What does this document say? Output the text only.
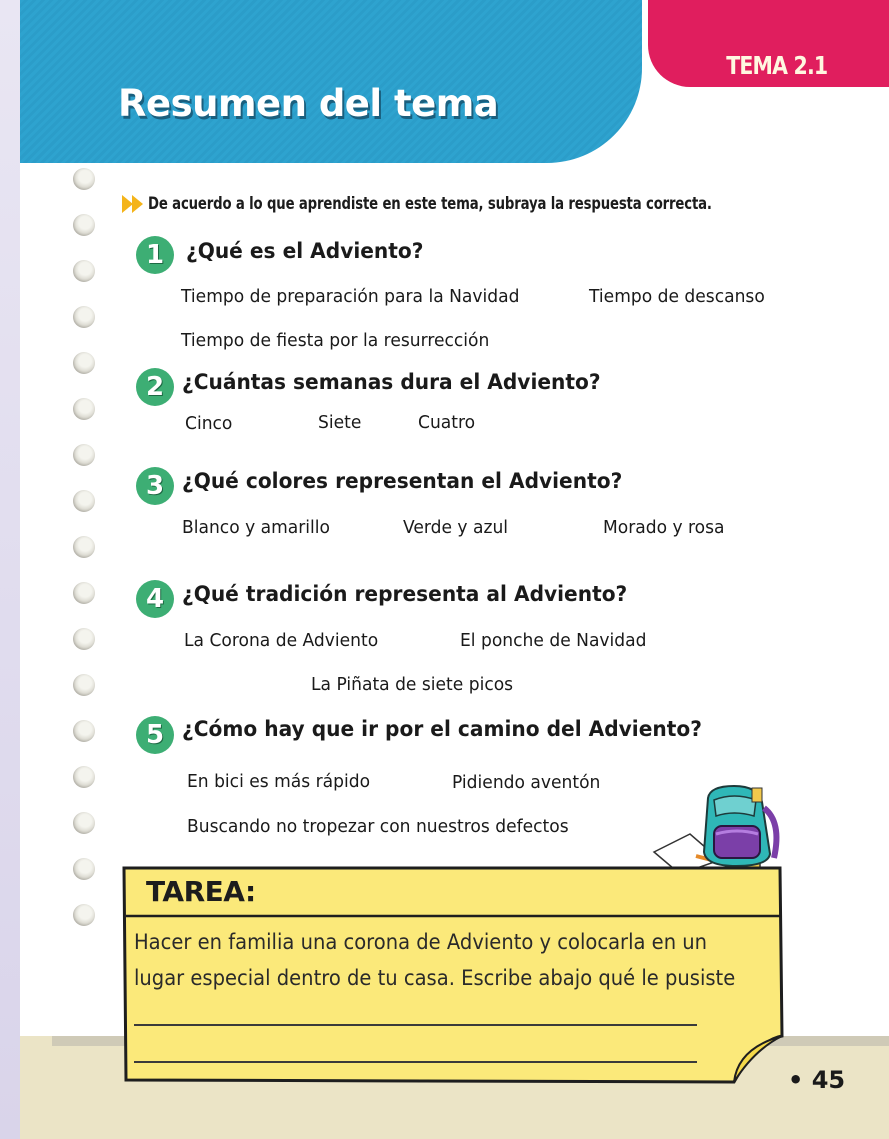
Resumen del tema
TEMA 2.1
De acuerdo a lo que aprendiste en este tema, subraya la respuesta correcta.
1	¿Qué es el Adviento?
Tiempo de preparación para la Navidad	Tiempo de descanso
Tiempo de fiesta por la resurrección
2 ¿Cuántas semanas dura el Adviento?
Cinco	Siete	Cuatro
3 ¿Qué colores representan el Adviento?
Blanco y amarillo	Verde y azul	Morado y rosa
4 ¿Qué tradición representa al Adviento?
La Corona de Adviento	El ponche de Navidad
La Piñata de siete picos
5 ¿Cómo hay que ir por el camino del Adviento?
En bici es más rápido	Pidiendo aventón
Buscando no tropezar con nuestros defectos
TAREA:
Hacer en familia una corona de Adviento y colocarla en un
lugar especial dentro de tu casa. Escribe abajo qué le pusiste
• 45
